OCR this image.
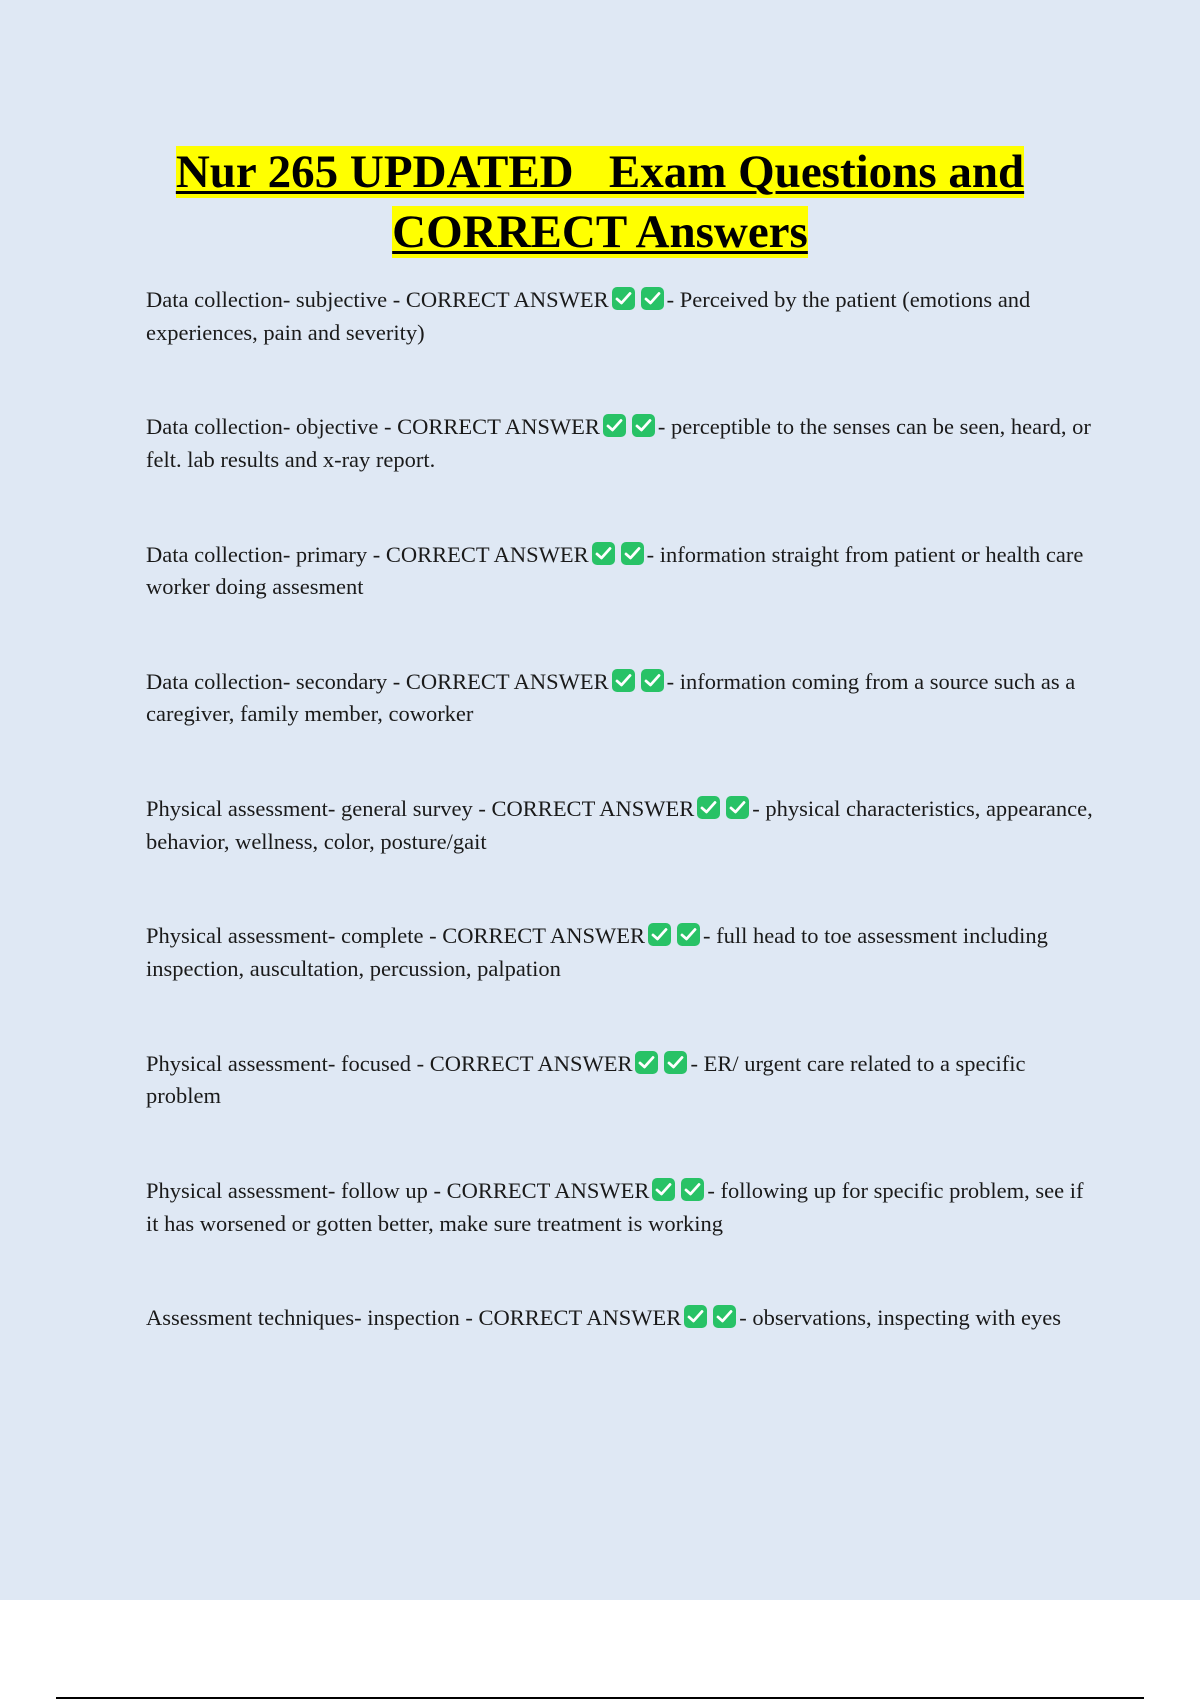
Nur 265 UPDATED   Exam Questions and
CORRECT Answers
Data collection- subjective - CORRECT ANSWER	- Perceived by the patient (emotions and experiences, pain and severity)
Data collection- objective - CORRECT ANSWER	- perceptible to the senses can be seen, heard, or felt. lab results and x-ray report.
Data collection- primary - CORRECT ANSWER	- information straight from patient or health care worker doing assesment
Data collection- secondary - CORRECT ANSWER	- information coming from a source such as a caregiver, family member, coworker
Physical assessment- general survey - CORRECT ANSWER	- physical characteristics, appearance, behavior, wellness, color, posture/gait
Physical assessment- complete - CORRECT ANSWER	- full head to toe assessment including inspection, auscultation, percussion, palpation
Physical assessment- focused - CORRECT ANSWER	- ER/ urgent care related to a specific problem
Physical assessment- follow up - CORRECT ANSWER	- following up for specific problem, see if it has worsened or gotten better, make sure treatment is working
Assessment techniques- inspection - CORRECT ANSWER	- observations, inspecting with eyes
